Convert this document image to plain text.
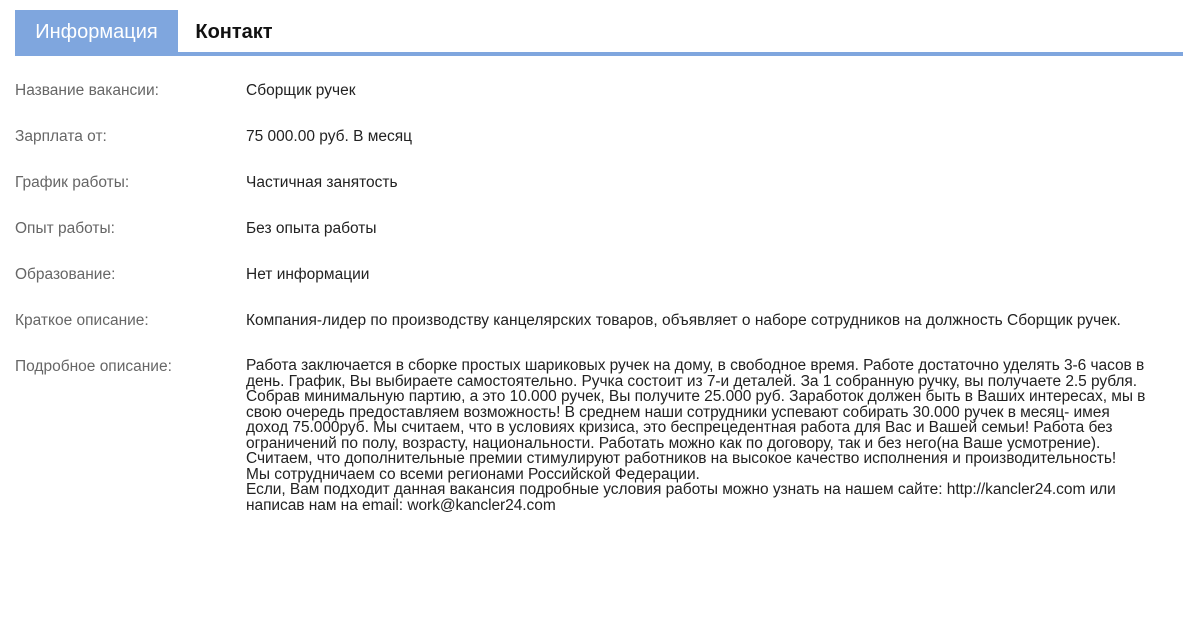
Информация	Контакт
Название вакансии:	Сборщик ручек
Зарплата от:	75 000.00 руб. В месяц
График работы:	Частичная занятость
Опыт работы:	Без опыта работы
Образование:	Нет информации
Краткое описание:	Компания-лидер по производству канцелярских товаров, объявляет о наборе сотрудников на должность Сборщик ручек.
Подробное описание:	Работа заключается в сборке простых шариковых ручек на дому, в свободное время. Работе достаточно уделять 3-6 часов в
день. График, Вы выбираете самостоятельно. Ручка состоит из 7-и деталей. За 1 собранную ручку, вы получаете 2.5 рубля.
Собрав минимальную партию, а это 10.000 ручек, Вы получите 25.000 руб. Заработок должен быть в Ваших интересах, мы в
свою очередь предоставляем возможность! В среднем наши сотрудники успевают собирать 30.000 ручек в месяц- имея
доход 75.000руб. Мы считаем, что в условиях кризиса, это беспрецедентная работа для Вас и Вашей семьи! Работа без
ограничений по полу, возрасту, национальности. Работать можно как по договору, так и без него(на Ваше усмотрение).
Считаем, что дополнительные премии стимулируют работников на высокое качество исполнения и производительность!
Мы сотрудничаем со всеми регионами Российской Федерации.
Если, Вам подходит данная вакансия подробные условия работы можно узнать на нашем сайте: http://kancler24.com или
написав нам на email: work@kancler24.com
